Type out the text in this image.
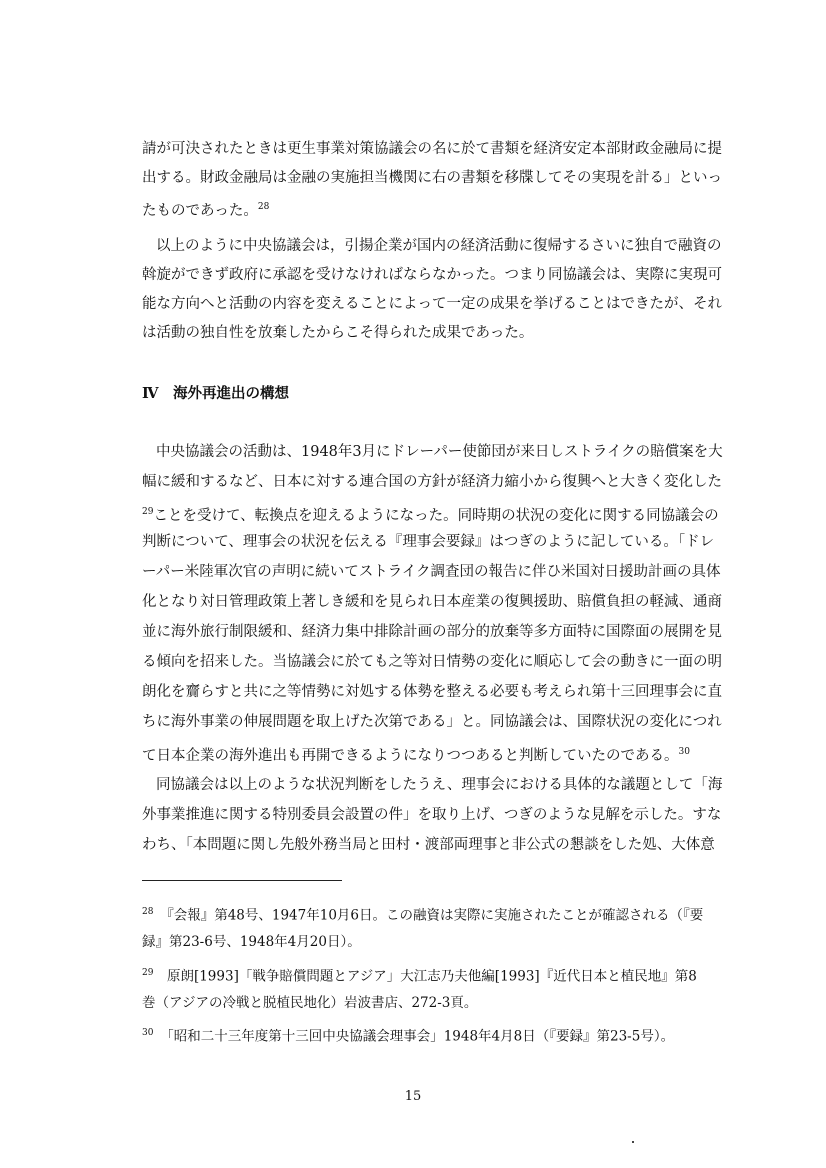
請が可決されたときは更生事業対策協議会の名に於て書類を経済安定本部財政金融局に提
出する。財政金融局は金融の実施担当機関に右の書類を移牒してその実現を計る」といっ
たものであった。$^{28}$
以上のように中央協議会は，引揚企業が国内の経済活動に復帰するさいに独自で融資の
斡旋ができず政府に承認を受けなければならなかった。つまり同協議会は、実際に実現可
能な方向へと活動の内容を変えることによって一定の成果を挙げることはできたが、それ
は活動の独自性を放棄したからこそ得られた成果であった。
Ⅳ　海外再進出の構想
中央協議会の活動は、1948年3月にドレーパー使節団が来日しストライクの賠償案を大
幅に緩和するなど、日本に対する連合国の方針が経済力縮小から復興へと大きく変化した
$^{29}$ことを受けて、転換点を迎えるようになった。同時期の状況の変化に関する同協議会の
判断について、理事会の状況を伝える『理事会要録』はつぎのように記している。「ドレ
ーパー米陸軍次官の声明に続いてストライク調査団の報告に伴ひ米国対日援助計画の具体
化となり対日管理政策上著しき緩和を見られ日本産業の復興援助、賠償負担の軽減、通商
並に海外旅行制限緩和、経済力集中排除計画の部分的放棄等多方面特に国際面の展開を見
る傾向を招来した。当協議会に於ても之等対日情勢の変化に順応して会の動きに一面の明
朗化を齎らすと共に之等情勢に対処する体勢を整える必要も考えられ第十三回理事会に直
ちに海外事業の伸展問題を取上げた次第である」と。同協議会は、国際状況の変化につれ
て日本企業の海外進出も再開できるようになりつつあると判断していたのである。$^{30}$
同協議会は以上のような状況判断をしたうえ、理事会における具体的な議題として「海
外事業推進に関する特別委員会設置の件」を取り上げ、つぎのような見解を示した。すな
わち、「本問題に関し先般外務当局と田村・渡部両理事と非公式の懇談をした処、大体意
$^{28}$　 『会報』第48号、1947年10月6日。この融資は実際に実施されたことが確認される（『要
録』第23-6号、1948年4月20日）。
$^{29}$　 原朗[1993]「戦争賠償問題とアジア」大江志乃夫他編[1993]『近代日本と植民地』第8
巻（アジアの冷戦と脱植民地化）岩波書店、272-3頁。
$^{30}$　 「昭和二十三年度第十三回中央協議会理事会」1948年4月8日（『要録』第23-5号）。
15
